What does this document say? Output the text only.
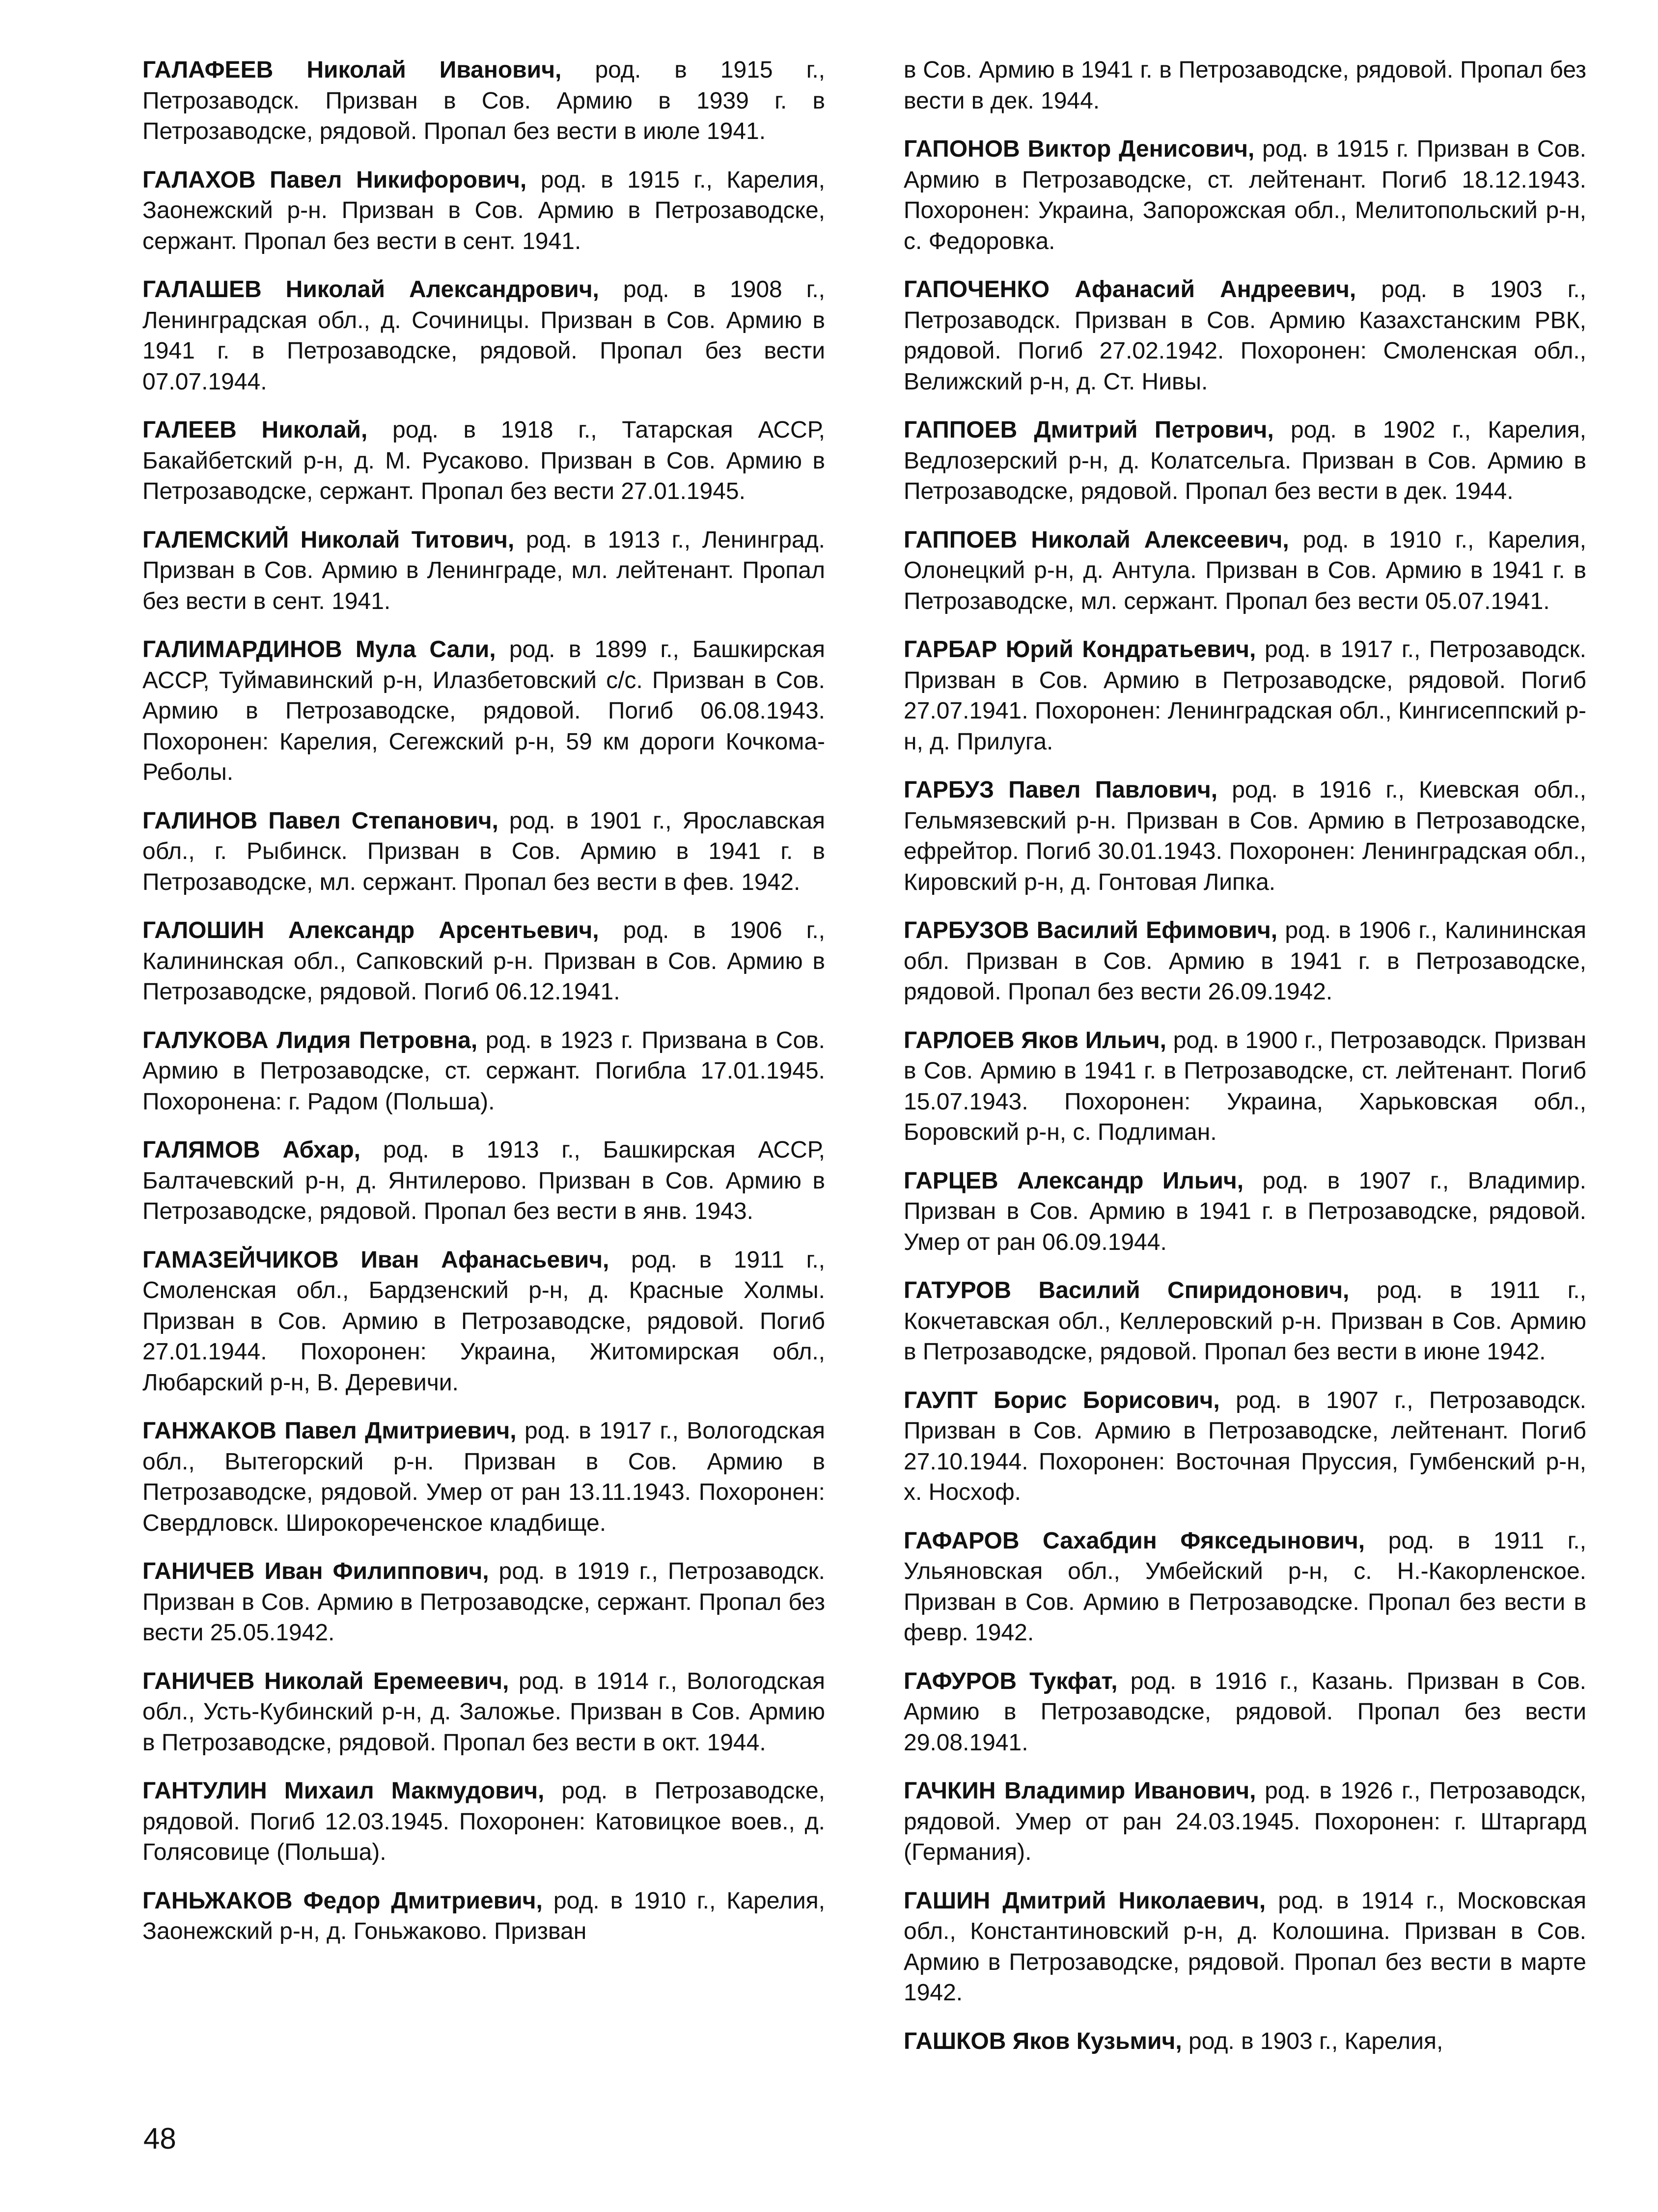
ГАЛАФЕЕВ Николай Иванович, род. в 1915 г., Петрозаводск. Призван в Сов. Армию в 1939 г. в Петрозаводске, рядовой. Пропал без вести в июле 1941.

ГАЛАХОВ Павел Никифорович, род. в 1915 г., Карелия, Заонежский р-н. Призван в Сов. Армию в Петрозаводске, сержант. Пропал без вести в сент. 1941.

ГАЛАШЕВ Николай Александрович, род. в 1908 г., Ленинградская обл., д. Сочиницы. Призван в Сов. Армию в 1941 г. в Петрозаводске, рядовой. Пропал без вести 07.07.1944.

ГАЛЕЕВ Николай, род. в 1918 г., Татарская АССР, Бакайбетский р-н, д. М. Русаково. Призван в Сов. Армию в Петрозаводске, сержант. Пропал без вести 27.01.1945.

ГАЛЕМСКИЙ Николай Титович, род. в 1913 г., Ленинград. Призван в Сов. Армию в Ленинграде, мл. лейтенант. Пропал без вести в сент. 1941.

ГАЛИМАРДИНОВ Мула Сали, род. в 1899 г., Башкирская АССР, Туймавинский р-н, Илазбетовский с/с. Призван в Сов. Армию в Петрозаводске, рядовой. Погиб 06.08.1943. Похоронен: Карелия, Сегежский р-н, 59 км дороги Кочкома-Реболы.

ГАЛИНОВ Павел Степанович, род. в 1901 г., Ярославская обл., г. Рыбинск. Призван в Сов. Армию в 1941 г. в Петрозаводске, мл. сержант. Пропал без вести в фев. 1942.

ГАЛОШИН Александр Арсентьевич, род. в 1906 г., Калининская обл., Сапковский р-н. Призван в Сов. Армию в Петрозаводске, рядовой. Погиб 06.12.1941.

ГАЛУКОВА Лидия Петровна, род. в 1923 г. Призвана в Сов. Армию в Петрозаводске, ст. сержант. Погибла 17.01.1945. Похоронена: г. Радом (Польша).

ГАЛЯМОВ Абхар, род. в 1913 г., Башкирская АССР, Балтачевский р-н, д. Янтилерово. Призван в Сов. Армию в Петрозаводске, рядовой. Пропал без вести в янв. 1943.

ГАМАЗЕЙЧИКОВ Иван Афанасьевич, род. в 1911 г., Смоленская обл., Бардзенский р-н, д. Красные Холмы. Призван в Сов. Армию в Петрозаводске, рядовой. Погиб 27.01.1944. Похоронен: Украина, Житомирская обл., Любарский р-н, В. Деревичи.

ГАНЖАКОВ Павел Дмитриевич, род. в 1917 г., Вологодская обл., Вытегорский р-н. Призван в Сов. Армию в Петрозаводске, рядовой. Умер от ран 13.11.1943. Похоронен: Свердловск. Широкореченское кладбище.

ГАНИЧЕВ Иван Филиппович, род. в 1919 г., Петрозаводск. Призван в Сов. Армию в Петрозаводске, сержант. Пропал без вести 25.05.1942.

ГАНИЧЕВ Николай Еремеевич, род. в 1914 г., Вологодская обл., Усть-Кубинский р-н, д. Заложье. Призван в Сов. Армию в Петрозаводске, рядовой. Пропал без вести в окт. 1944.

ГАНТУЛИН Михаил Макмудович, род. в Петрозаводске, рядовой. Погиб 12.03.1945. Похоронен: Катовицкое воев., д. Голясовице (Польша).

ГАНЬЖАКОВ Федор Дмитриевич, род. в 1910 г., Карелия, Заонежский р-н, д. Гоньжаково. Призван

в Сов. Армию в 1941 г. в Петрозаводске, рядовой. Пропал без вести в дек. 1944.

ГАПОНОВ Виктор Денисович, род. в 1915 г. Призван в Сов. Армию в Петрозаводске, ст. лейтенант. Погиб 18.12.1943. Похоронен: Украина, Запорожская обл., Мелитопольский р-н, с. Федоровка.

ГАПОЧЕНКО Афанасий Андреевич, род. в 1903 г., Петрозаводск. Призван в Сов. Армию Казахстанским РВК, рядовой. Погиб 27.02.1942. Похоронен: Смоленская обл., Велижский р-н, д. Ст. Нивы.

ГАППОЕВ Дмитрий Петрович, род. в 1902 г., Карелия, Ведлозерский р-н, д. Колатсельга. Призван в Сов. Армию в Петрозаводске, рядовой. Пропал без вести в дек. 1944.

ГАППОЕВ Николай Алексеевич, род. в 1910 г., Карелия, Олонецкий р-н, д. Антула. Призван в Сов. Армию в 1941 г. в Петрозаводске, мл. сержант. Пропал без вести 05.07.1941.

ГАРБАР Юрий Кондратьевич, род. в 1917 г., Петрозаводск. Призван в Сов. Армию в Петрозаводске, рядовой. Погиб 27.07.1941. Похоронен: Ленинградская обл., Кингисеппский р-н, д. Прилуга.

ГАРБУЗ Павел Павлович, род. в 1916 г., Киевская обл., Гельмязевский р-н. Призван в Сов. Армию в Петрозаводске, ефрейтор. Погиб 30.01.1943. Похоронен: Ленинградская обл., Кировский р-н, д. Гонтовая Липка.

ГАРБУЗОВ Василий Ефимович, род. в 1906 г., Калининская обл. Призван в Сов. Армию в 1941 г. в Петрозаводске, рядовой. Пропал без вести 26.09.1942.

ГАРЛОЕВ Яков Ильич, род. в 1900 г., Петрозаводск. Призван в Сов. Армию в 1941 г. в Петрозаводске, ст. лейтенант. Погиб 15.07.1943. Похоронен: Украина, Харьковская обл., Боровский р-н, с. Подлиман.

ГАРЦЕВ Александр Ильич, род. в 1907 г., Владимир. Призван в Сов. Армию в 1941 г. в Петрозаводске, рядовой. Умер от ран 06.09.1944.

ГАТУРОВ Василий Спиридонович, род. в 1911 г., Кокчетавская обл., Келлеровский р-н. Призван в Сов. Армию в Петрозаводске, рядовой. Пропал без вести в июне 1942.

ГАУПТ Борис Борисович, род. в 1907 г., Петрозаводск. Призван в Сов. Армию в Петрозаводске, лейтенант. Погиб 27.10.1944. Похоронен: Восточная Пруссия, Гумбенский р-н, х. Носхоф.

ГАФАРОВ Сахабдин Фякседынович, род. в 1911 г., Ульяновская обл., Умбейский р-н, с. Н.-Какорленское. Призван в Сов. Армию в Петрозаводске. Пропал без вести в февр. 1942.

ГАФУРОВ Тукфат, род. в 1916 г., Казань. Призван в Сов. Армию в Петрозаводске, рядовой. Пропал без вести 29.08.1941.

ГАЧКИН Владимир Иванович, род. в 1926 г., Петрозаводск, рядовой. Умер от ран 24.03.1945. Похоронен: г. Штаргард (Германия).

ГАШИН Дмитрий Николаевич, род. в 1914 г., Московская обл., Константиновский р-н, д. Колошина. Призван в Сов. Армию в Петрозаводске, рядовой. Пропал без вести в марте 1942.

ГАШКОВ Яков Кузьмич, род. в 1903 г., Карелия,

48
